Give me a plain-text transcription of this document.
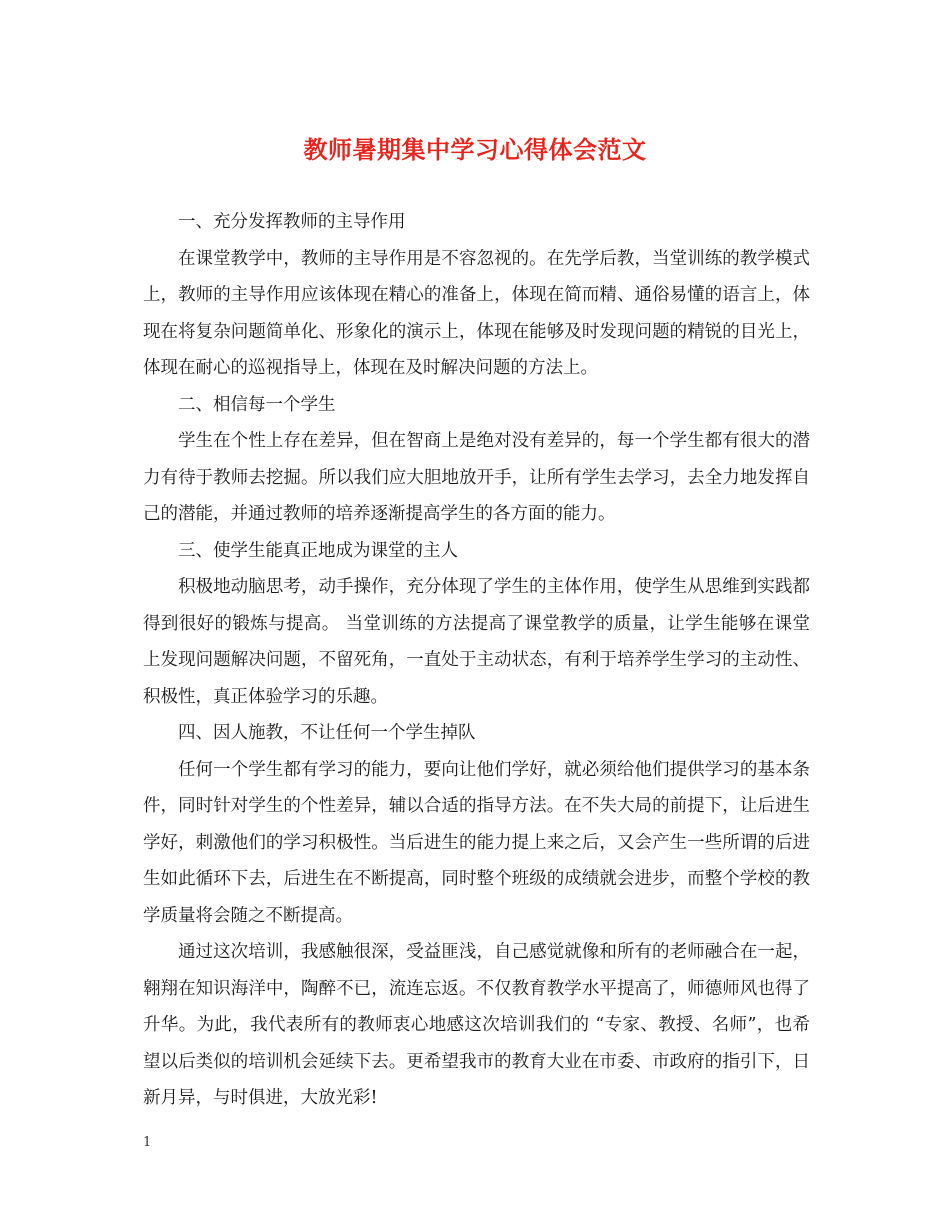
教师暑期集中学习心得体会范文

一、充分发挥教师的主导作用

在课堂教学中，教师的主导作用是不容忽视的。在先学后教，当堂训练的教学模式上，教师的主导作用应该体现在精心的准备上，体现在简而精、通俗易懂的语言上，体现在将复杂问题简单化、形象化的演示上，体现在能够及时发现问题的精锐的目光上，体现在耐心的巡视指导上，体现在及时解决问题的方法上。

二、相信每一个学生

学生在个性上存在差异，但在智商上是绝对没有差异的，每一个学生都有很大的潜力有待于教师去挖掘。所以我们应大胆地放开手，让所有学生去学习，去全力地发挥自己的潜能，并通过教师的培养逐渐提高学生的各方面的能力。

三、使学生能真正地成为课堂的主人

积极地动脑思考，动手操作，充分体现了学生的主体作用，使学生从思维到实践都得到很好的锻炼与提高。 当堂训练的方法提高了课堂教学的质量，让学生能够在课堂上发现问题解决问题，不留死角，一直处于主动状态，有利于培养学生学习的主动性、积极性，真正体验学习的乐趣。

四、因人施教，不让任何一个学生掉队

任何一个学生都有学习的能力，要向让他们学好，就必须给他们提供学习的基本条件，同时针对学生的个性差异，辅以合适的指导方法。在不失大局的前提下，让后进生学好，刺激他们的学习积极性。当后进生的能力提上来之后，又会产生一些所谓的后进生如此循环下去，后进生在不断提高，同时整个班级的成绩就会进步，而整个学校的教学质量将会随之不断提高。

通过这次培训，我感触很深，受益匪浅，自己感觉就像和所有的老师融合在一起，翱翔在知识海洋中，陶醉不已，流连忘返。不仅教育教学水平提高了，师德师风也得了升华。为此，我代表所有的教师衷心地感这次培训我们的 “专家、教授、名师”，也希望以后类似的培训机会延续下去。更希望我市的教育大业在市委、市政府的指引下，日新月异，与时俱进，大放光彩!

1
